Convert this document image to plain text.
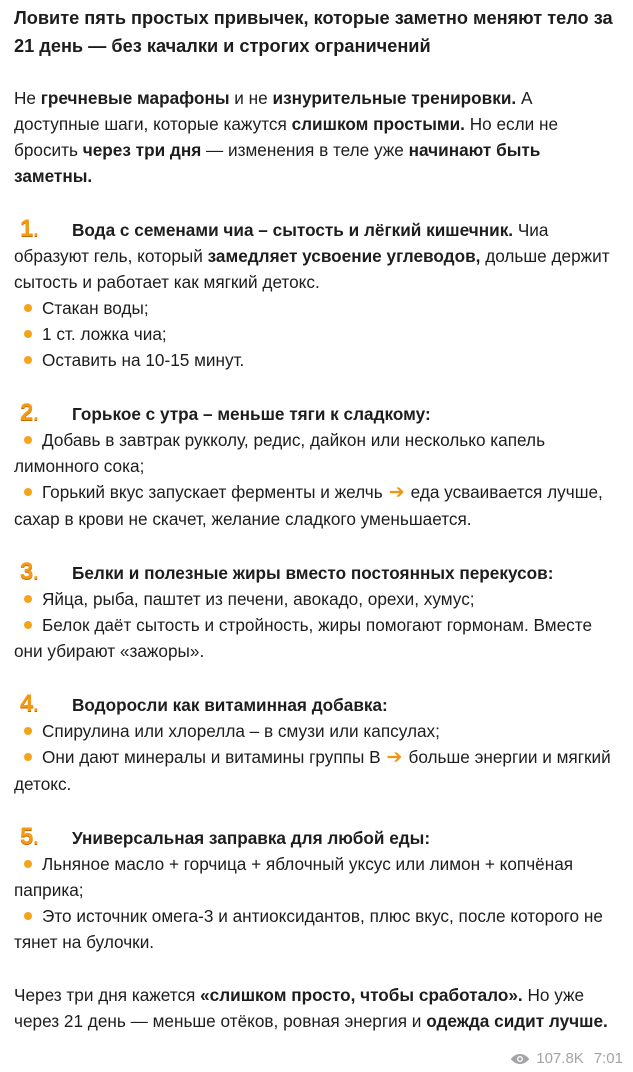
Ловите пять простых привычек, которые заметно меняют тело за 21 день — без качалки и строгих ограничений

Не гречневые марафоны и не изнурительные тренировки. А доступные шаги, которые кажутся слишком простыми. Но если не бросить через три дня — изменения в теле уже начинают быть заметны.

1. Вода с семенами чиа – сытость и лёгкий кишечник. Чиа образуют гель, который замедляет усвоение углеводов, дольше держит сытость и работает как мягкий детокс.

Стакан воды;

1 ст. ложка чиа;

Оставить на 10-15 минут.

2. Горькое с утра – меньше тяги к сладкому:

Добавь в завтрак рукколу, редис, дайкон или несколько капель лимонного сока;

Горький вкус запускает ферменты и желчь ➔ еда усваивается лучше, сахар в крови не скачет, желание сладкого уменьшается.

3. Белки и полезные жиры вместо постоянных перекусов:

Яйца, рыба, паштет из печени, авокадо, орехи, хумус;

Белок даёт сытость и стройность, жиры помогают гормонам. Вместе они убирают «зажоры».

4. Водоросли как витаминная добавка:

Спирулина или хлорелла – в смузи или капсулах;

Они дают минералы и витамины группы B ➔ больше энергии и мягкий детокс.

5. Универсальная заправка для любой еды:

Льняное масло + горчица + яблочный уксус или лимон + копчёная паприка;

Это источник омега-3 и антиоксидантов, плюс вкус, после которого не тянет на булочки.

Через три дня кажется «слишком просто, чтобы сработало». Но уже через 21 день — меньше отёков, ровная энергия и одежда сидит лучше.

107.8K 7:01
